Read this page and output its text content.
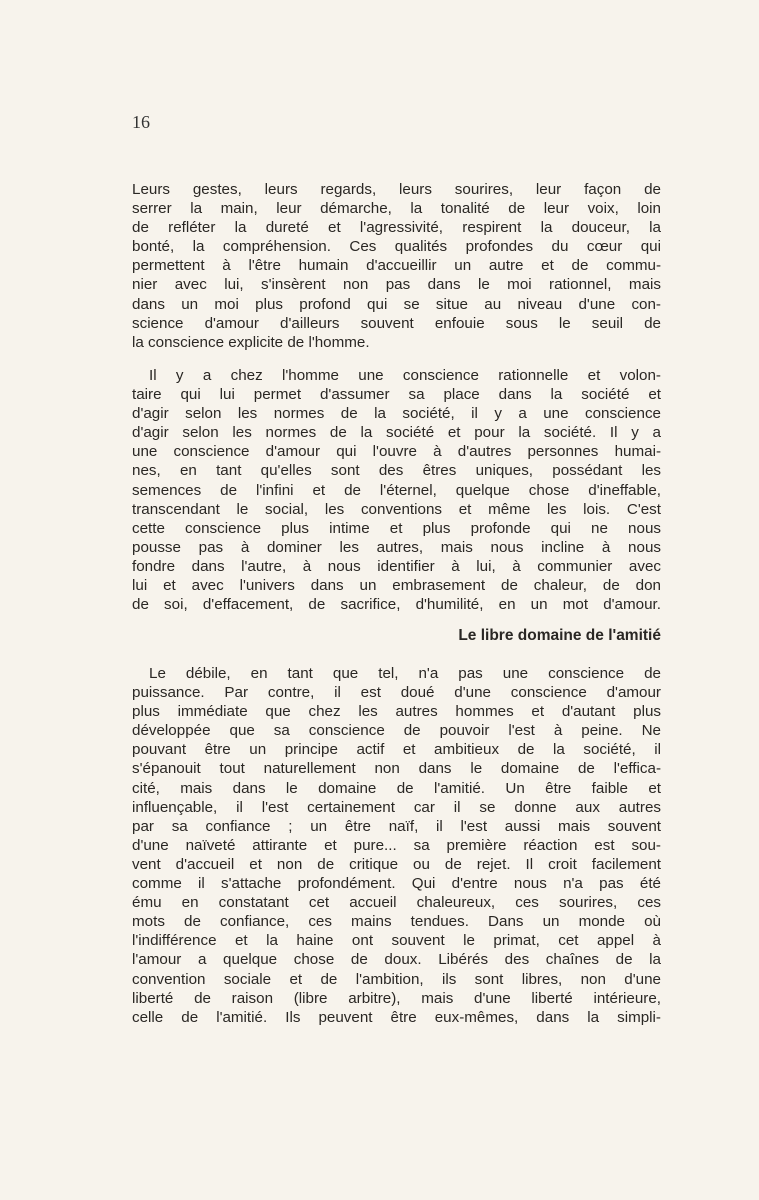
16

Leurs gestes, leurs regards, leurs sourires, leur façon de
serrer la main, leur démarche, la tonalité de leur voix, loin
de refléter la dureté et l'agressivité, respirent la douceur, la
bonté, la compréhension. Ces qualités profondes du cœur qui
permettent à l'être humain d'accueillir un autre et de commu-
nier avec lui, s'insèrent non pas dans le moi rationnel, mais
dans un moi plus profond qui se situe au niveau d'une con-
science d'amour d'ailleurs souvent enfouie sous le seuil de
la conscience explicite de l'homme.

Il y a chez l'homme une conscience rationnelle et volon-
taire qui lui permet d'assumer sa place dans la société et
d'agir selon les normes de la société, il y a une conscience
d'agir selon les normes de la société et pour la société. Il y a
une conscience d'amour qui l'ouvre à d'autres personnes humai-
nes, en tant qu'elles sont des êtres uniques, possédant les
semences de l'infini et de l'éternel, quelque chose d'ineffable,
transcendant le social, les conventions et même les lois. C'est
cette conscience plus intime et plus profonde qui ne nous
pousse pas à dominer les autres, mais nous incline à nous
fondre dans l'autre, à nous identifier à lui, à communier avec
lui et avec l'univers dans un embrasement de chaleur, de don
de soi, d'effacement, de sacrifice, d'humilité, en un mot d'amour.

Le libre domaine de l'amitié

Le débile, en tant que tel, n'a pas une conscience de
puissance. Par contre, il est doué d'une conscience d'amour
plus immédiate que chez les autres hommes et d'autant plus
développée que sa conscience de pouvoir l'est à peine. Ne
pouvant être un principe actif et ambitieux de la société, il
s'épanouit tout naturellement non dans le domaine de l'effica-
cité, mais dans le domaine de l'amitié. Un être faible et
influençable, il l'est certainement car il se donne aux autres
par sa confiance ; un être naïf, il l'est aussi mais souvent
d'une naïveté attirante et pure... sa première réaction est sou-
vent d'accueil et non de critique ou de rejet. Il croit facilement
comme il s'attache profondément. Qui d'entre nous n'a pas été
ému en constatant cet accueil chaleureux, ces sourires, ces
mots de confiance, ces mains tendues. Dans un monde où
l'indifférence et la haine ont souvent le primat, cet appel à
l'amour a quelque chose de doux. Libérés des chaînes de la
convention sociale et de l'ambition, ils sont libres, non d'une
liberté de raison (libre arbitre), mais d'une liberté intérieure,
celle de l'amitié. Ils peuvent être eux-mêmes, dans la simpli-
